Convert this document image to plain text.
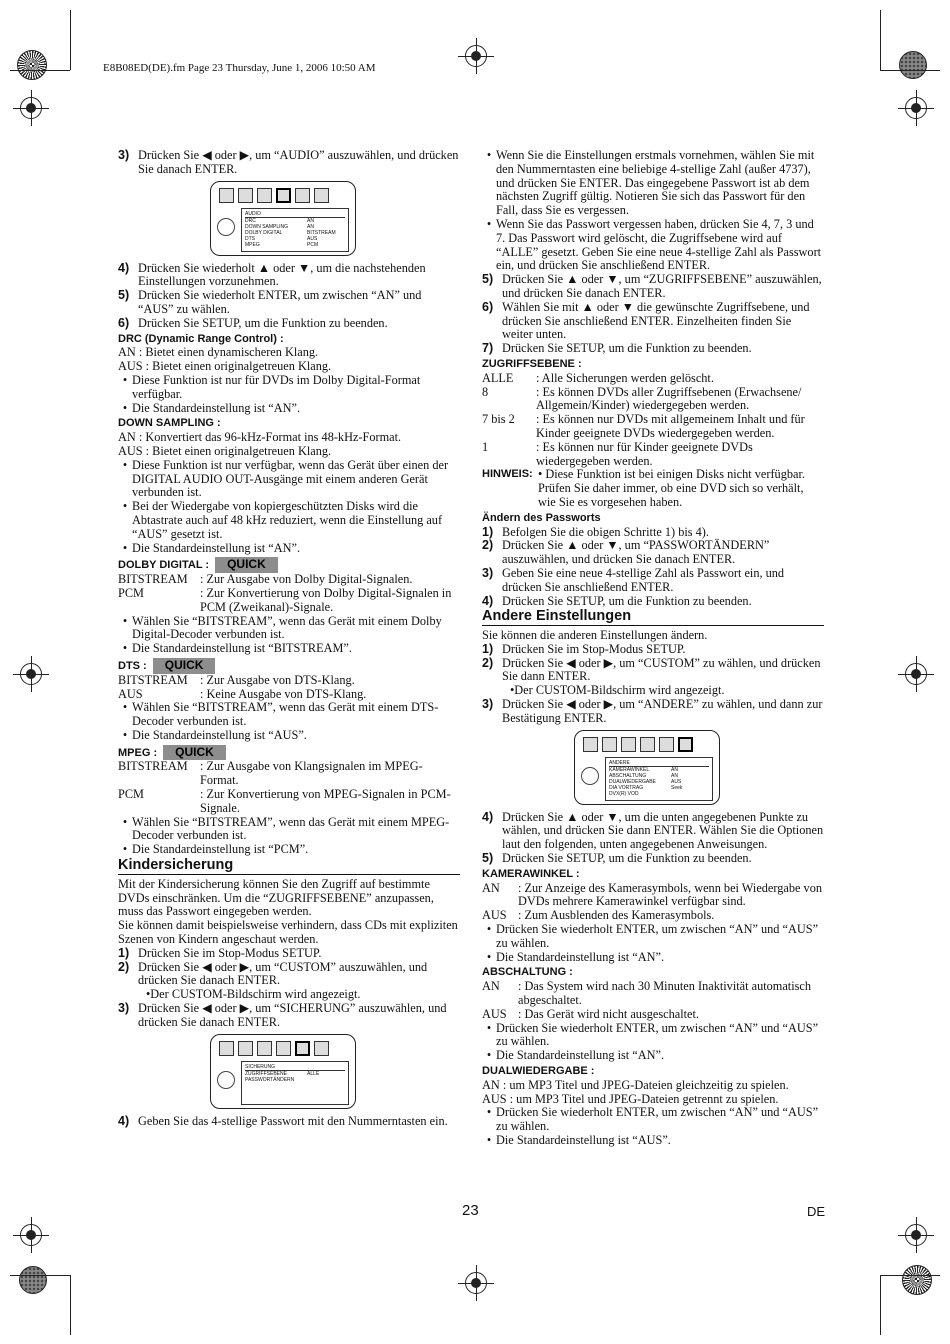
E8B08ED(DE).fm Page 23 Thursday, June 1, 2006 10:50 AM
3) Drücken Sie ◀ oder ▶, um “AUDIO” auszuwählen, und drücken Sie danach ENTER.
AUDIO
DRC	AN
DOWN SAMPLING	AN
DOLBY DIGITAL	BITSTREAM
DTS	AUS
MPEG	PCM
4) Drücken Sie wiederholt ▲ oder ▼, um die nachstehenden Einstellungen vorzunehmen.
5) Drücken Sie wiederholt ENTER, um zwischen “AN” und “AUS” zu wählen.
6) Drücken Sie SETUP, um die Funktion zu beenden.
DRC (Dynamic Range Control) :

AN : Bietet einen dynamischeren Klang.

AUS : Bietet einen originalgetreuen Klang.

• Diese Funktion ist nur für DVDs im Dolby Digital-Format verfügbar.
• Die Standardeinstellung ist “AN”.
DOWN SAMPLING :

AN : Konvertiert das 96-kHz-Format ins 48-kHz-Format.

AUS : Bietet einen originalgetreuen Klang.

• Diese Funktion ist nur verfügbar, wenn das Gerät über einen der DIGITAL AUDIO OUT-Ausgänge mit einem anderen Gerät verbunden ist.
• Bei der Wiedergabe von kopiergeschützten Disks wird die Abtastrate auch auf 48 kHz reduziert, wenn die Einstellung auf “AUS” gesetzt ist.
• Die Standardeinstellung ist “AN”.
DOLBY DIGITAL : QUICK
BITSTREAM	: Zur Ausgabe von Dolby Digital-Signalen.
PCM	: Zur Konvertierung von Dolby Digital-Signalen in PCM (Zweikanal)-Signale.
• Wählen Sie “BITSTREAM”, wenn das Gerät mit einem Dolby Digital-Decoder verbunden ist.
• Die Standardeinstellung ist “BITSTREAM”.
DTS : QUICK
BITSTREAM	: Zur Ausgabe von DTS-Klang.
AUS	: Keine Ausgabe von DTS-Klang.
• Wählen Sie “BITSTREAM”, wenn das Gerät mit einem DTS-Decoder verbunden ist.
• Die Standardeinstellung ist “AUS”.
MPEG : QUICK
BITSTREAM	: Zur Ausgabe von Klangsignalen im MPEG-Format.
PCM	: Zur Konvertierung von MPEG-Signalen in PCM-Signale.
• Wählen Sie “BITSTREAM”, wenn das Gerät mit einem MPEG-Decoder verbunden ist.
• Die Standardeinstellung ist “PCM”.
Kindersicherung

Mit der Kindersicherung können Sie den Zugriff auf bestimmte DVDs einschränken. Um die “ZUGRIFFSEBENE” anzupassen, muss das Passwort eingegeben werden.

Sie können damit beispielsweise verhindern, dass CDs mit expliziten Szenen von Kindern angeschaut werden.

1) Drücken Sie im Stop-Modus SETUP.
2) Drücken Sie ◀ oder ▶, um “CUSTOM” auszuwählen, und drücken Sie danach ENTER.

•Der CUSTOM-Bildschirm wird angezeigt.

3) Drücken Sie ◀ oder ▶, um “SICHERUNG” auszuwählen, und drücken Sie danach ENTER.
SICHERUNG
ZUGRIFFSEBENE	ALLE
PASSWORTÄNDERN
4) Geben Sie das 4-stellige Passwort mit den Nummerntasten ein.
• Wenn Sie die Einstellungen erstmals vornehmen, wählen Sie mit den Nummerntasten eine beliebige 4-stellige Zahl (außer 4737), und drücken Sie ENTER. Das eingegebene Passwort ist ab dem nächsten Zugriff gültig. Notieren Sie sich das Passwort für den Fall, dass Sie es vergessen.
• Wenn Sie das Passwort vergessen haben, drücken Sie 4, 7, 3 und 7. Das Passwort wird gelöscht, die Zugriffsebene wird auf “ALLE” gesetzt. Geben Sie eine neue 4-stellige Zahl als Passwort ein, und drücken Sie anschließend ENTER.
5) Drücken Sie ▲ oder ▼, um “ZUGRIFFSEBENE” auszuwählen, und drücken Sie danach ENTER.
6) Wählen Sie mit ▲ oder ▼ die gewünschte Zugriffsebene, und drücken Sie anschließend ENTER. Einzelheiten finden Sie weiter unten.
7) Drücken Sie SETUP, um die Funktion zu beenden.
ZUGRIFFSEBENE :
ALLE	: Alle Sicherungen werden gelöscht.
8	: Es können DVDs aller Zugriffsebenen (Erwachsene/ Allgemein/Kinder) wiedergegeben werden.
7 bis 2	: Es können nur DVDs mit allgemeinem Inhalt und für Kinder geeignete DVDs wiedergegeben werden.
1	: Es können nur für Kinder geeignete DVDs wiedergegeben werden.
HINWEIS: • Diese Funktion ist bei einigen Disks nicht verfügbar. Prüfen Sie daher immer, ob eine DVD sich so verhält, wie Sie es vorgesehen haben.
Ändern des Passworts
1) Befolgen Sie die obigen Schritte 1) bis 4).
2) Drücken Sie ▲ oder ▼, um “PASSWORTÄNDERN” auszuwählen, und drücken Sie danach ENTER.
3) Geben Sie eine neue 4-stellige Zahl als Passwort ein, und drücken Sie anschließend ENTER.
4) Drücken Sie SETUP, um die Funktion zu beenden.
Andere Einstellungen

Sie können die anderen Einstellungen ändern.

1) Drücken Sie im Stop-Modus SETUP.
2) Drücken Sie ◀ oder ▶, um “CUSTOM” zu wählen, und drücken Sie dann ENTER.

•Der CUSTOM-Bildschirm wird angezeigt.

3) Drücken Sie ◀ oder ▶, um “ANDERE” zu wählen, und dann zur Bestätigung ENTER.
ANDERE
KAMERAWINKEL	AN
ABSCHALTUNG	AN
DUALWIEDERGABE	AUS
DIA VORTRAG	Seek
DVX(R) VOD
4) Drücken Sie ▲ oder ▼, um die unten angegebenen Punkte zu wählen, und drücken Sie dann ENTER. Wählen Sie die Optionen laut den folgenden, unten angegebenen Anweisungen.
5) Drücken Sie SETUP, um die Funktion zu beenden.
KAMERAWINKEL :
AN	: Zur Anzeige des Kamerasymbols, wenn bei Wiedergabe von DVDs mehrere Kamerawinkel verfügbar sind.
AUS : Zum Ausblenden des Kamerasymbols.
• Drücken Sie wiederholt ENTER, um zwischen “AN” und “AUS” zu wählen.
• Die Standardeinstellung ist “AN”.
ABSCHALTUNG :
AN	: Das System wird nach 30 Minuten Inaktivität automatisch abgeschaltet.
AUS : Das Gerät wird nicht ausgeschaltet.
• Drücken Sie wiederholt ENTER, um zwischen “AN” und “AUS” zu wählen.
• Die Standardeinstellung ist “AN”.
DUALWIEDERGABE :

AN : um MP3 Titel und JPEG-Dateien gleichzeitig zu spielen.

AUS : um MP3 Titel und JPEG-Dateien getrennt zu spielen.

• Drücken Sie wiederholt ENTER, um zwischen “AN” und “AUS” zu wählen.
• Die Standardeinstellung ist “AUS”.
23	DE
